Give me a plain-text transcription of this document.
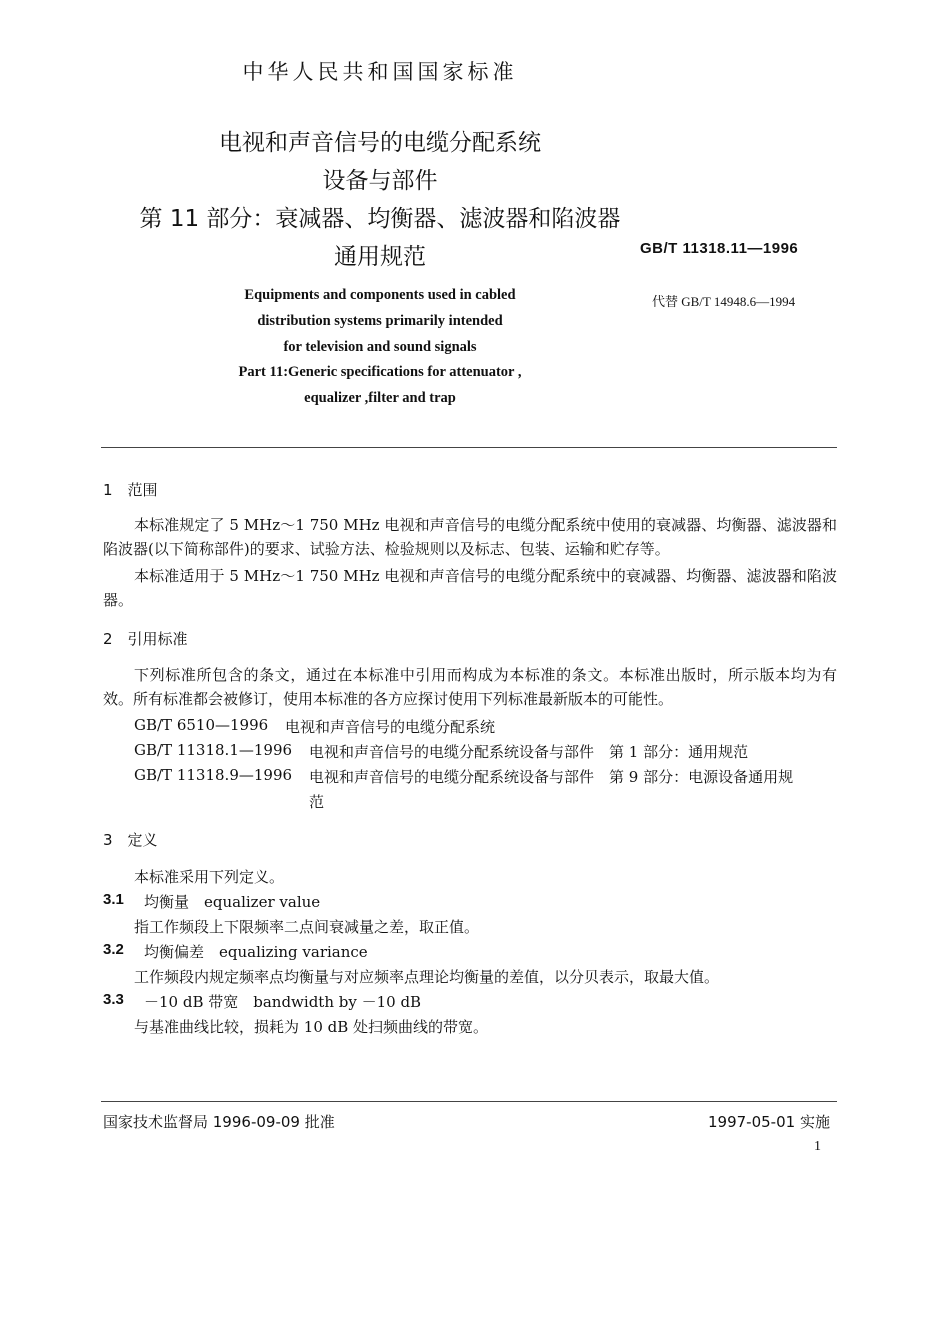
中华人民共和国国家标准
电视和声音信号的电缆分配系统
设备与部件
第 11 部分：衰减器、均衡器、滤波器和陷波器
通用规范	GB/T 11318.11—1996
代替 GB/T 14948.6—1994
Equipments and components used in cabled
distribution systems primarily intended
for television and sound signals
Part 11:Generic specifications for attenuator ,
equalizer ,filter and trap
1　范围
本标准规定了 5 MHz～1 750 MHz 电视和声音信号的电缆分配系统中使用的衰减器、均衡器、滤波器和陷波器(以下简称部件)的要求、试验方法、检验规则以及标志、包装、运输和贮存等。
本标准适用于 5 MHz～1 750 MHz 电视和声音信号的电缆分配系统中的衰减器、均衡器、滤波器和陷波器。
2　引用标准
下列标准所包含的条文，通过在本标准中引用而构成为本标准的条文。本标准出版时，所示版本均为有效。所有标准都会被修订，使用本标准的各方应探讨使用下列标准最新版本的可能性。
GB/T 6510—1996 电视和声音信号的电缆分配系统
GB/T 11318.1—1996 电视和声音信号的电缆分配系统设备与部件　第 1 部分：通用规范
GB/T 11318.9—1996 电视和声音信号的电缆分配系统设备与部件　第 9 部分：电源设备通用规
范
3　定义
本标准采用下列定义。
3.1 均衡量　equalizer value
指工作频段上下限频率二点间衰减量之差，取正值。
3.2 均衡偏差　equalizing variance
工作频段内规定频率点均衡量与对应频率点理论均衡量的差值，以分贝表示，取最大值。
3.3 －10 dB 带宽　bandwidth by －10 dB
与基准曲线比较，损耗为 10 dB 处扫频曲线的带宽。
国家技术监督局 1996-09-09 批准	1997-05-01 实施
1
